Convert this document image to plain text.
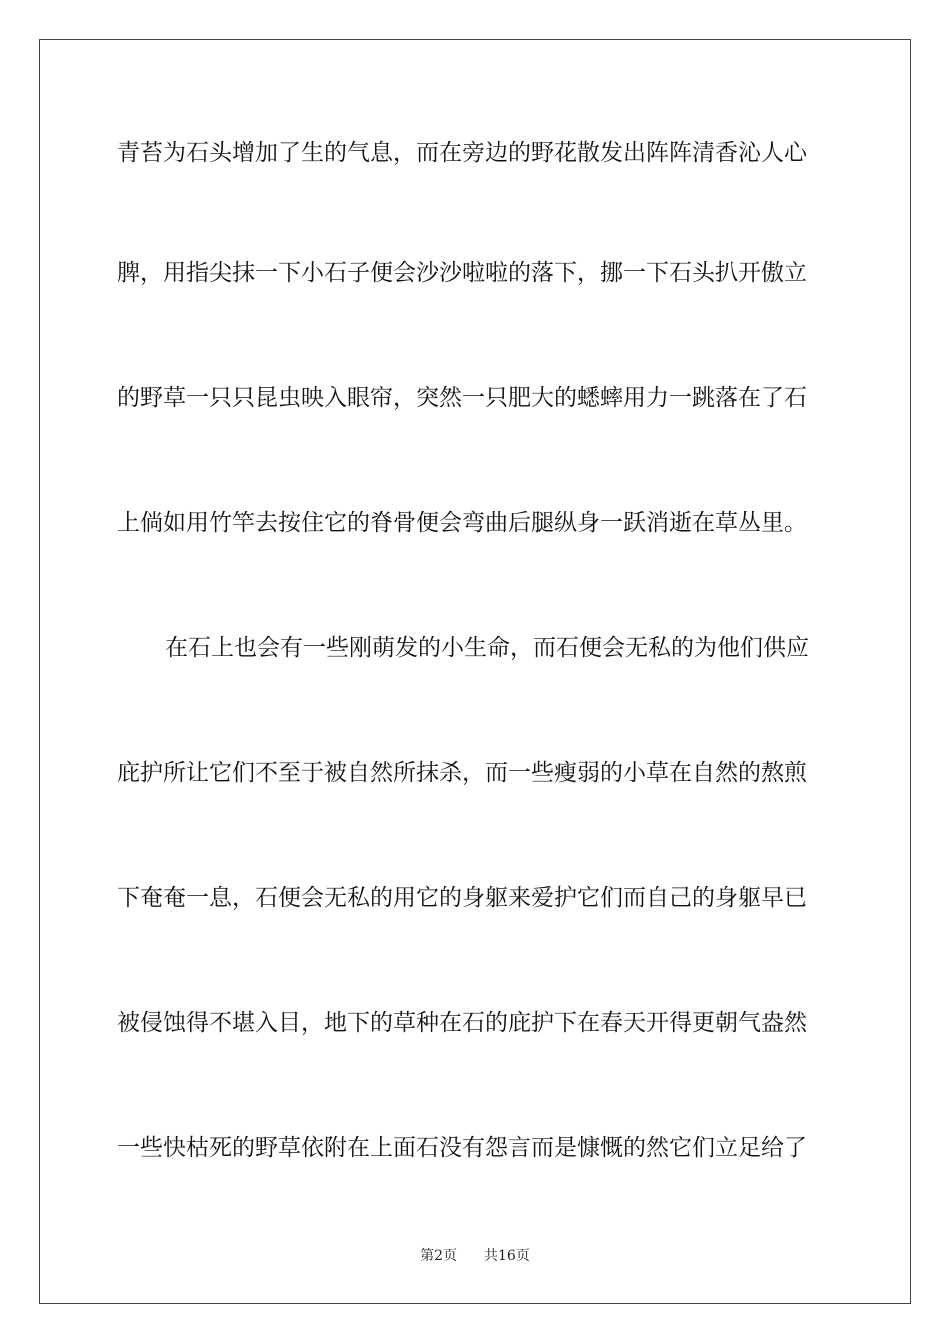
青苔为石头增加了生的气息，而在旁边的野花散发出阵阵清香沁人心
脾，用指尖抹一下小石子便会沙沙啦啦的落下，挪一下石头扒开傲立
的野草一只只昆虫映入眼帘，突然一只肥大的蟋蟀用力一跳落在了石
上倘如用竹竿去按住它的脊骨便会弯曲后腿纵身一跃消逝在草丛里。
在石上也会有一些刚萌发的小生命，而石便会无私的为他们供应
庇护所让它们不至于被自然所抹杀，而一些瘦弱的小草在自然的熬煎
下奄奄一息，石便会无私的用它的身躯来爱护它们而自己的身躯早已
被侵蚀得不堪入目，地下的草种在石的庇护下在春天开得更朝气盎然
一些快枯死的野草依附在上面石没有怨言而是慷慨的然它们立足给了
第2页 共16页
